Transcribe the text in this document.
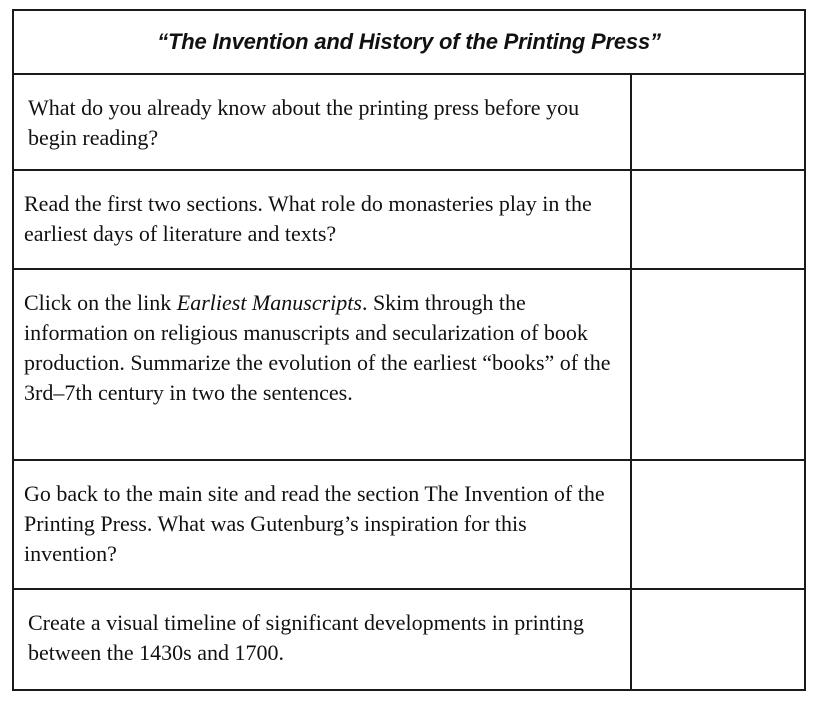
“The Invention and History of the Printing Press”
What do you already know about the printing press before you begin reading?
Read the first two sections. What role do monasteries play in the earliest days of literature and texts?
Click on the link Earliest Manuscripts. Skim through the information on religious manuscripts and secularization of book production. Summarize the evolution of the earliest “books” of the 3rd–7th century in two the sentences.
Go back to the main site and read the section The Invention of the Printing Press. What was Gutenburg’s inspiration for this invention?
Create a visual timeline of significant developments in printing between the 1430s and 1700.
